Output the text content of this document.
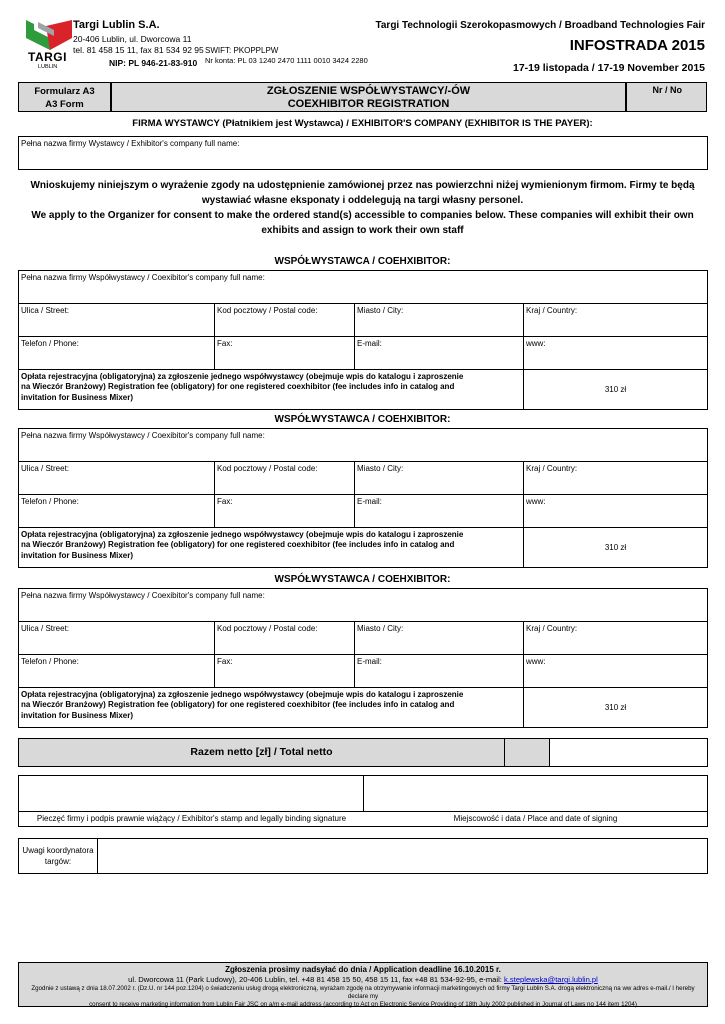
TARGI
LUBLIN
Targi Lublin S.A.
20-406 Lublin, ul. Dworcowa 11
tel. 81 458 15 11, fax 81 534 92 95
NIP: PL 946-21-83-910
SWIFT: PKOPPLPW
Nr konta: PL 03 1240 2470 1111 0010 3424 2280
Targi Technologii Szerokopasmowych / Broadband Technologies Fair
INFOSTRADA 2015
17-19 listopada / 17-19 November 2015
Formularz A3
A3 Form
ZGŁOSZENIE WSPÓŁWYSTAWCY/-ÓW
COEXHIBITOR REGISTRATION
Nr / No
FIRMA WYSTAWCY (Płatnikiem jest Wystawca) / EXHIBITOR'S COMPANY (EXHIBITOR IS THE PAYER):
Pełna nazwa firmy Wystawcy / Exhibitor's company full name:
Wnioskujemy niniejszym o wyrażenie zgody na udostępnienie zamówionej przez nas powierzchni niżej wymienionym firmom. Firmy te będą
wystawiać własne eksponaty i oddelegują na targi własny personel.
We apply to the Organizer for consent to make the ordered stand(s) accessible to companies below. These companies will exhibit their own
exhibits and assign to work their own staff
WSPÓŁWYSTAWCA / COEHXIBITOR:
Pełna nazwa firmy Współwystawcy / Coexibitor's company full name:			
Ulica / Street:	Kod pocztowy / Postal code:	Miasto / City:	Kraj / Country:
Telefon / Phone:	Fax:	E-mail:	www:

Opłata rejestracyjna (obligatoryjna) za zgłoszenie jednego współwystawcy (obejmuje wpis do katalogu i zaproszenie
na Wieczór Branżowy) Registration fee (obligatory) for one registered coexhibitor (fee includes info in catalog and
invitation for Business Mixer)			310 zł
WSPÓŁWYSTAWCA / COEHXIBITOR:
Pełna nazwa firmy Współwystawcy / Coexibitor's company full name:			
Ulica / Street:	Kod pocztowy / Postal code:	Miasto / City:	Kraj / Country:
Telefon / Phone:	Fax:	E-mail:	www:

Opłata rejestracyjna (obligatoryjna) za zgłoszenie jednego współwystawcy (obejmuje wpis do katalogu i zaproszenie
na Wieczór Branżowy) Registration fee (obligatory) for one registered coexhibitor (fee includes info in catalog and
invitation for Business Mixer)			310 zł
WSPÓŁWYSTAWCA / COEHXIBITOR:
Pełna nazwa firmy Współwystawcy / Coexibitor's company full name:			
Ulica / Street:	Kod pocztowy / Postal code:	Miasto / City:	Kraj / Country:
Telefon / Phone:	Fax:	E-mail:	www:

Opłata rejestracyjna (obligatoryjna) za zgłoszenie jednego współwystawcy (obejmuje wpis do katalogu i zaproszenie
na Wieczór Branżowy) Registration fee (obligatory) for one registered coexhibitor (fee includes info in catalog and
invitation for Business Mixer)			310 zł
Razem netto [zł] / Total netto
Pieczęć firmy i podpis prawnie wiążący / Exhibitor's stamp and legally binding signature	Miejscowość i data / Place and date of signing
Uwagi koordynatora
targów:
Zgłoszenia prosimy nadsyłać do dnia / Application deadline 16.10.2015 r.
ul. Dworcowa 11 (Park Ludowy), 20-406 Lublin, tel. +48 81 458 15 50, 458 15 11, fax +48 81 534-92-95, e-mail: k.steplewska@targi.lublin.pl
Zgodnie z ustawą z dnia 18.07.2002 r. (Dz.U. nr 144 poz.1204) o świadczeniu usług drogą elektroniczną, wyrażam zgodę na otrzymywanie informacji marketingowych od firmy Targi Lublin S.A. drogą elektroniczną na ww adres e-mail./ I hereby declare my
consent to receive marketing information from Lublin Fair JSC on a/m e-mail address (according to Act on Electronic Service Providing of 18th July 2002 published in Journal of Laws no 144 item 1204)
